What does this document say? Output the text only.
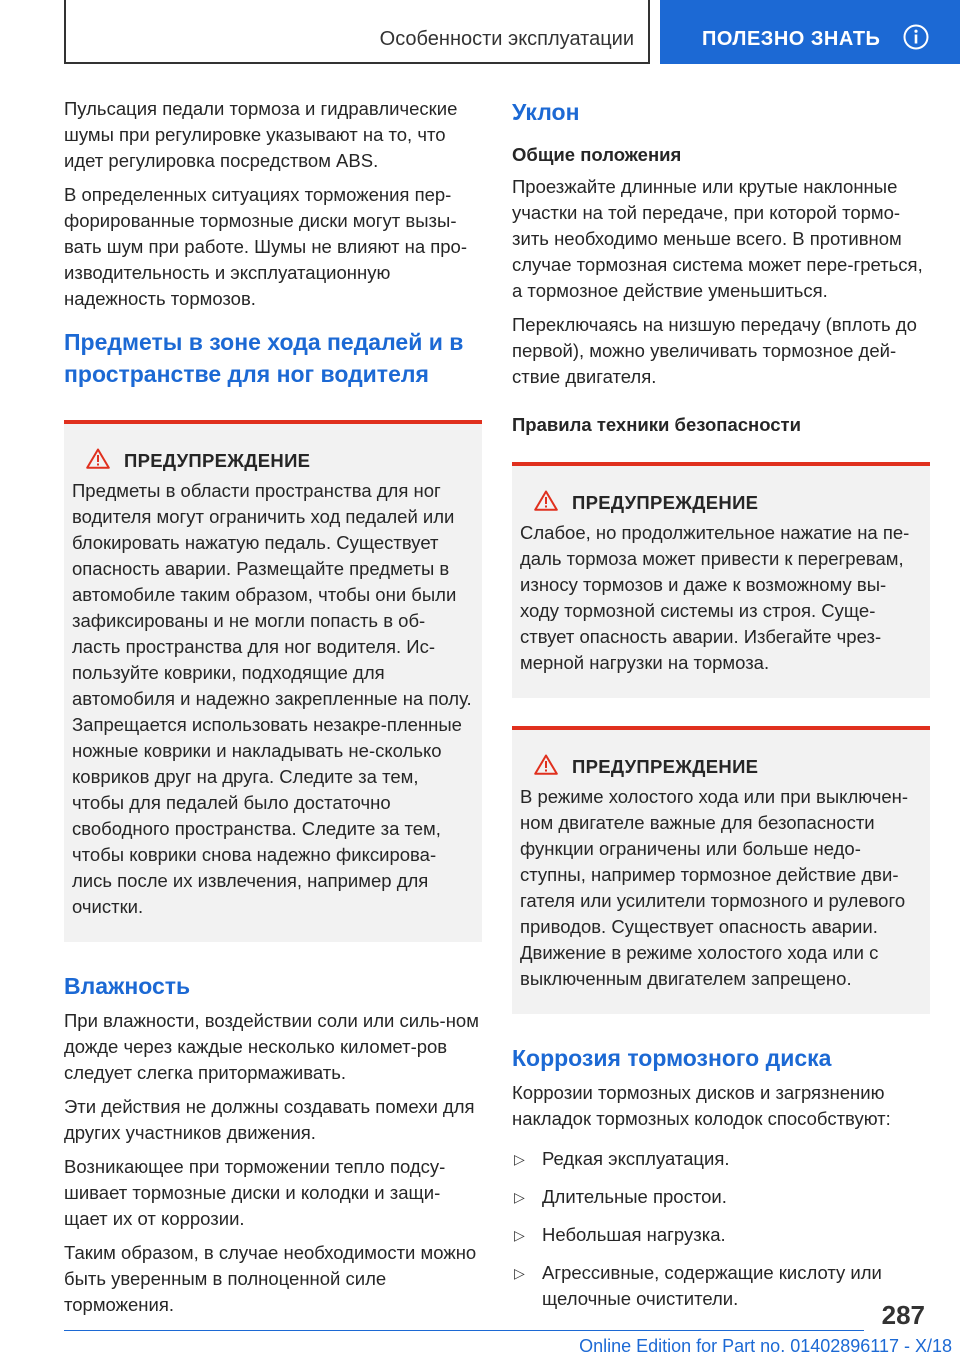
Особенности эксплуатации	ПОЛЕЗНО ЗНАТЬ

Пульсация педали тормоза и гидравлические шумы при регулировке указывают на то, что идет регулировка посредством ABS.

В определенных ситуациях торможения пер-форированные тормозные диски могут вызы-вать шум при работе. Шумы не влияют на про-изводительность и эксплуатационную надежность тормозов.

Предметы в зоне хода педалей и в пространстве для ног водителя
ПРЕДУПРЕЖДЕНИЕ

Предметы в области пространства для ног водителя могут ограничить ход педалей или блокировать нажатую педаль. Существует опасность аварии. Размещайте предметы в автомобиле таким образом, чтобы они были зафиксированы и не могли попасть в об-ласть пространства для ног водителя. Ис-пользуйте коврики, подходящие для автомобиля и надежно закрепленные на полу. Запрещается использовать незакре-пленные ножные коврики и накладывать не-сколько ковриков друг на друга. Следите за тем, чтобы для педалей было достаточно свободного пространства. Следите за тем, чтобы коврики снова надежно фиксирова-лись после их извлечения, например для очистки.

Влажность

При влажности, воздействии соли или силь-ном дожде через каждые несколько километ-ров следует слегка притормаживать.

Эти действия не должны создавать помехи для других участников движения.

Возникающее при торможении тепло подсу-шивает тормозные диски и колодки и защи-щает их от коррозии.

Таким образом, в случае необходимости можно быть уверенным в полноценной силе торможения.

Уклон
Общие положения

Проезжайте длинные или крутые наклонные участки на той передаче, при которой тормо-зить необходимо меньше всего. В противном случае тормозная система может пере-греться, а тормозное действие уменьшиться.

Переключаясь на низшую передачу (вплоть до первой), можно увеличивать тормозное дей-ствие двигателя.

Правила техники безопасности
ПРЕДУПРЕЖДЕНИЕ

Слабое, но продолжительное нажатие на пе-даль тормоза может привести к перегревам, износу тормозов и даже к возможному вы-ходу тормозной системы из строя. Суще-ствует опасность аварии. Избегайте чрез-мерной нагрузки на тормоза.

ПРЕДУПРЕЖДЕНИЕ

В режиме холостого хода или при выключен-ном двигателе важные для безопасности функции ограничены или больше недо-ступны, например тормозное действие дви-гателя или усилители тормозного и рулевого приводов. Существует опасность аварии. Движение в режиме холостого хода или с выключенным двигателем запрещено.

Коррозия тормозного диска

Коррозии тормозных дисков и загрязнению накладок тормозных колодок способствуют:

▷ Редкая эксплуатация.
▷ Длительные простои.
▷ Небольшая нагрузка.
▷ Агрессивные, содержащие кислоту или щелочные очистители.
287
Online Edition for Part no. 01402896117 - X/18
